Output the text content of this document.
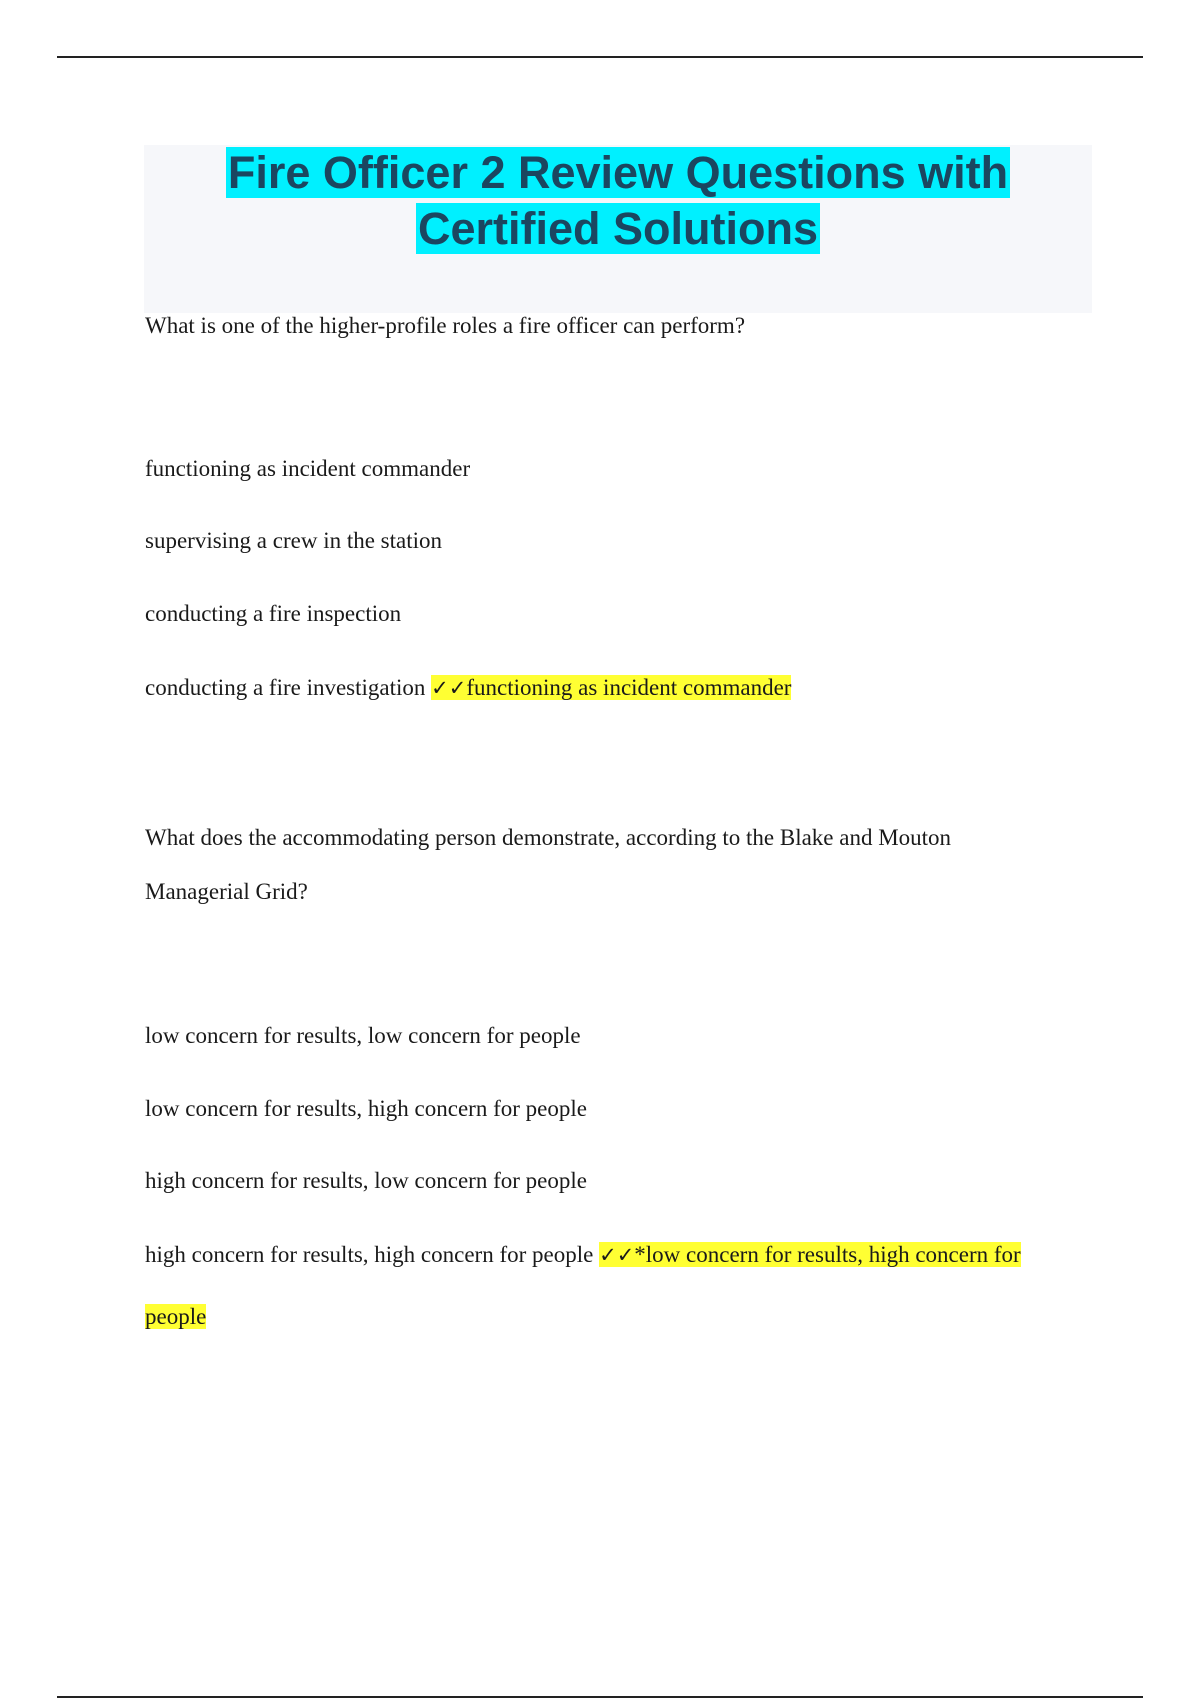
Fire Officer 2 Review Questions with
Certified Solutions

What is one of the higher-profile roles a fire officer can perform?

functioning as incident commander

supervising a crew in the station

conducting a fire inspection

conducting a fire investigation ✓✓functioning as incident commander

What does the accommodating person demonstrate, according to the Blake and Mouton

Managerial Grid?

low concern for results, low concern for people

low concern for results, high concern for people

high concern for results, low concern for people

high concern for results, high concern for people ✓✓*low concern for results, high concern for

people
